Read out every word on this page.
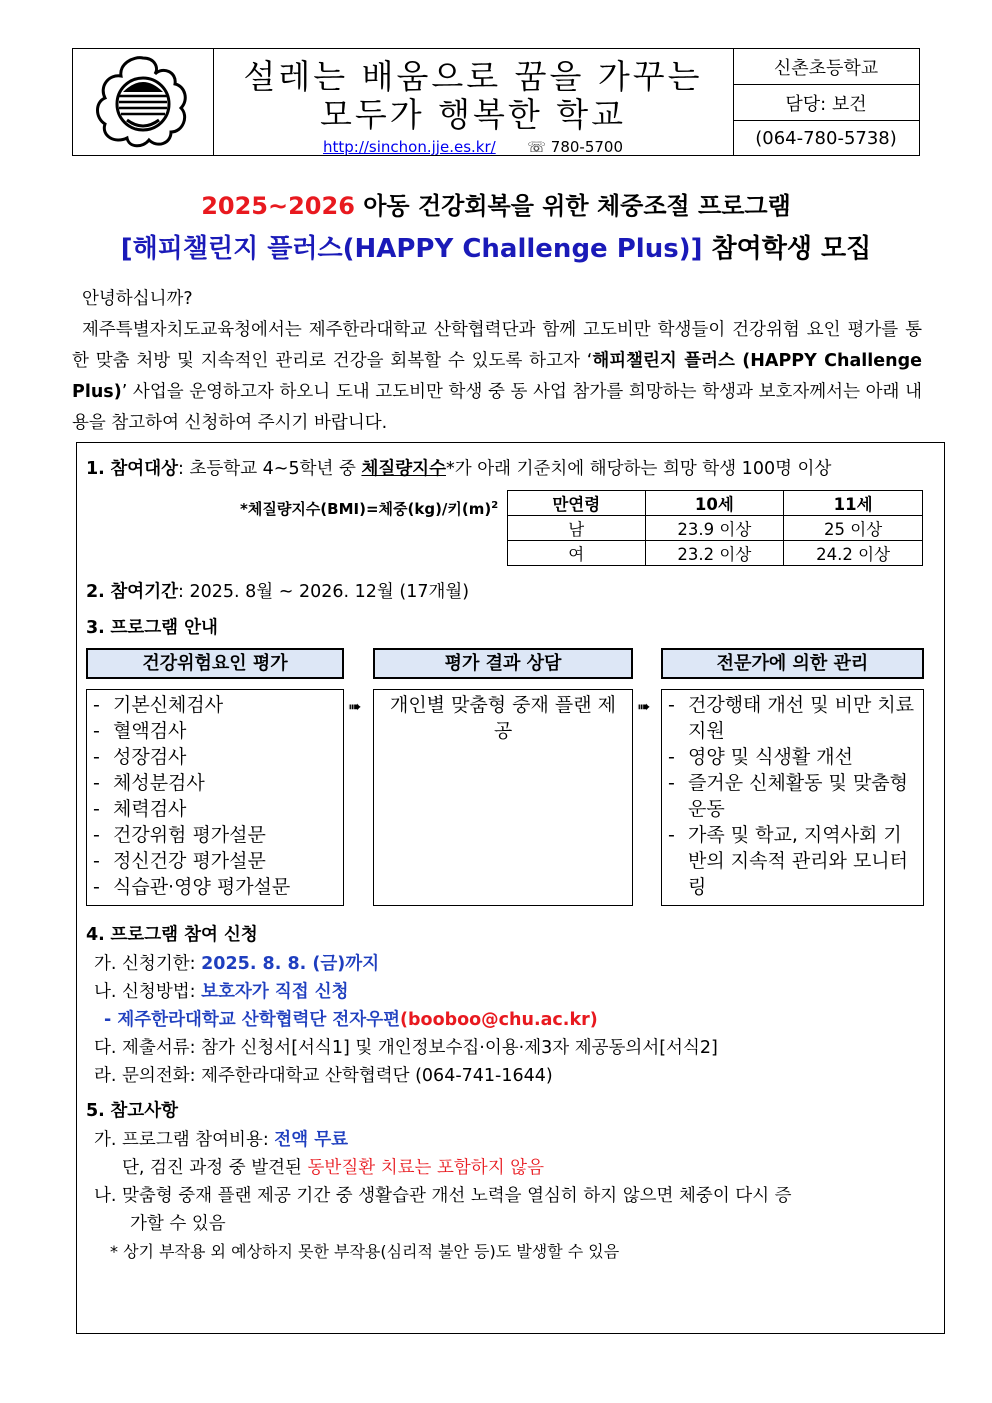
설레는 배움으로 꿈을 가꾸는
모두가 행복한 학교
http://sinchon.jje.es.kr/ ☏ 780-5700
신촌초등학교
담당: 보건
(064-780-5738)
2025~2026 아동 건강회복을 위한 체중조절 프로그램
[해피챌린지 플러스(HAPPY Challenge Plus)] 참여학생 모집
안녕하십니까?
제주특별자치도교육청에서는 제주한라대학교 산학협력단과 함께 고도비만 학생들이 건강위험 요인 평가를 통한 맞춤 처방 및 지속적인 관리로 건강을 회복할 수 있도록 하고자 ‘해피챌린지 플러스 (HAPPY Challenge Plus)’ 사업을 운영하고자 하오니 도내 고도비만 학생 중 동 사업 참가를 희망하는 학생과 보호자께서는 아래 내용을 참고하여 신청하여 주시기 바랍니다.
1. 참여대상: 초등학교 4~5학년 중 체질량지수*가 아래 기준치에 해당하는 희망 학생 100명 이상
*체질량지수(BMI)=체중(kg)/키$(m)^2$	만연령	10세	11세
남	23.9 이상	25 이상
여	23.2 이상	24.2 이상
2. 참여기간: 2025. 8월 ~ 2026. 12월 (17개월)
3. 프로그램 안내
건강위험요인 평가	평가 결과 상담	전문가에 의한 관리
- 기본신체검사
- 혈액검사
- 성장검사
- 체성분검사
- 체력검사
- 건강위험 평가설문
- 정신건강 평가설문
- 식습관·영양 평가설문
➠	개인별 맞춤형 중재 플랜 제공
➠ - 건강행태 개선 및 비만 치료지원
- 영양 및 식생활 개선
- 즐거운 신체활동 및 맞춤형 운동
- 가족 및 학교, 지역사회 기반의 지속적 관리와 모니터링
4. 프로그램 참여 신청
가. 신청기한: 2025. 8. 8. (금)까지
나. 신청방법: 보호자가 직접 신청
- 제주한라대학교 산학협력단 전자우편(booboo@chu.ac.kr)
다. 제출서류: 참가 신청서[서식1] 및 개인정보수집·이용·제3자 제공동의서[서식2]
라. 문의전화: 제주한라대학교 산학협력단 (064-741-1644)
5. 참고사항
가. 프로그램 참여비용: 전액 무료
단, 검진 과정 중 발견된 동반질환 치료는 포함하지 않음
나. 맞춤형 중재 플랜 제공 기간 중 생활습관 개선 노력을 열심히 하지 않으면 체중이 다시 증
가할 수 있음
* 상기 부작용 외 예상하지 못한 부작용(심리적 불안 등)도 발생할 수 있음
